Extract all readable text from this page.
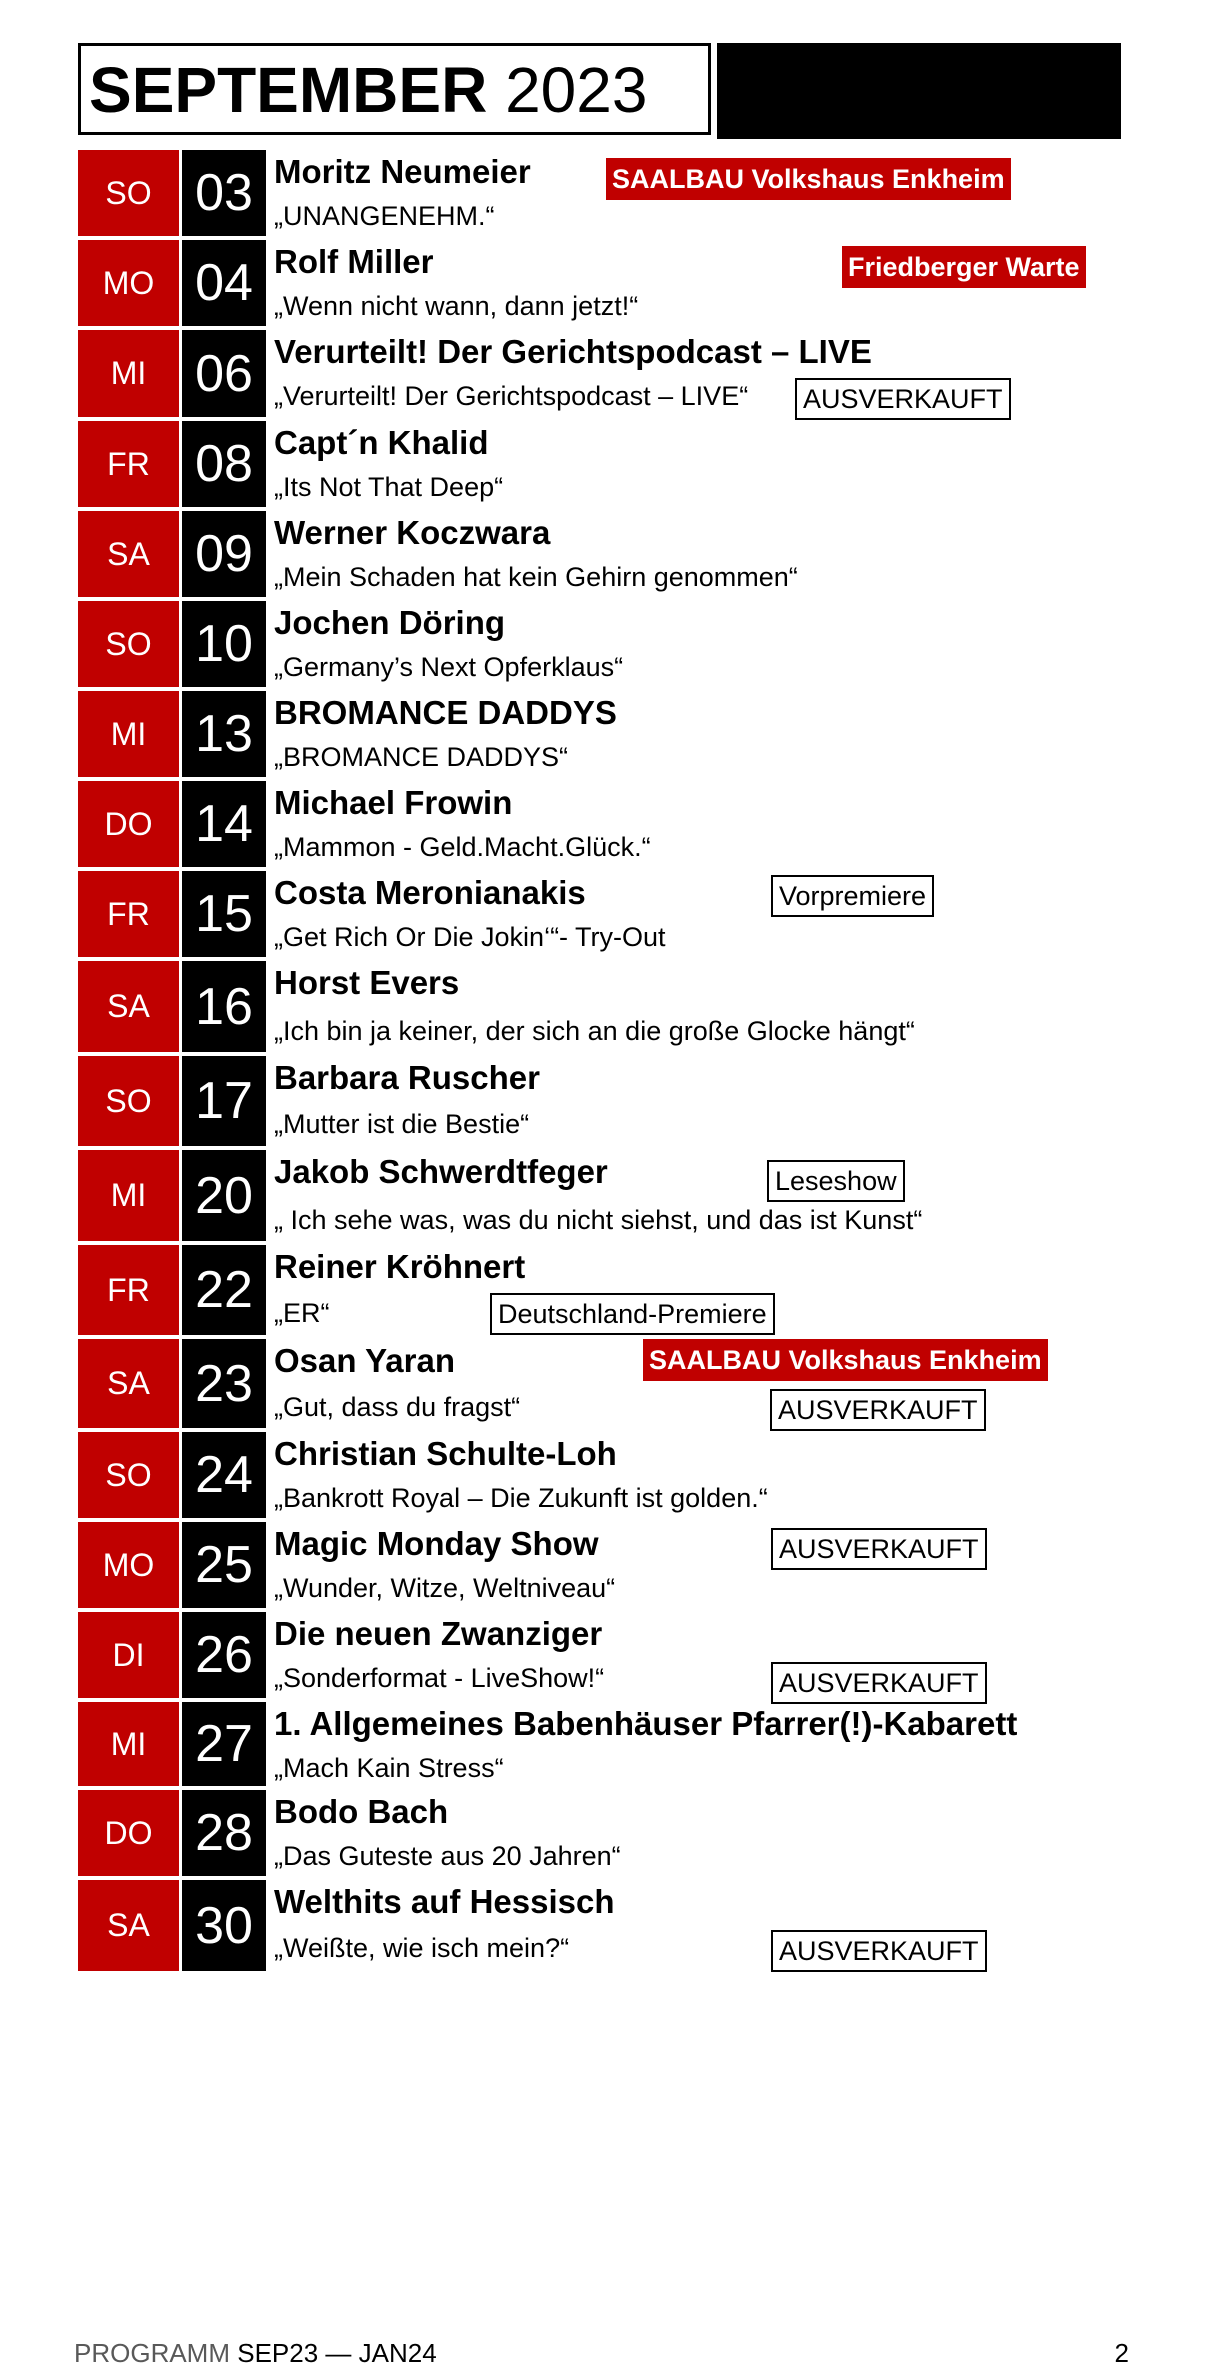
SEPTEMBER 2023
SO 03 Moritz Neumeier
„UNANGENEHM.“
SAALBAU Volkshaus Enkheim
MO 04 Rolf Miller
„Wenn nicht wann, dann jetzt!“
Friedberger Warte
MI 06 Verurteilt! Der Gerichtspodcast – LIVE
„Verurteilt! Der Gerichtspodcast – LIVE“ AUSVERKAUFT
FR 08 Capt´n Khalid
„Its Not That Deep“
SA 09 Werner Koczwara
„Mein Schaden hat kein Gehirn genommen“
SO 10 Jochen Döring
„Germany’s Next Opferklaus“
MI 13 BROMANCE DADDYS
„BROMANCE DADDYS“
DO 14 Michael Frowin
„Mammon - Geld.Macht.Glück.“
FR 15 Costa Meronianakis
„Get Rich Or Die Jokin‘“- Try-Out
Vorpremiere
SA 16 Horst Evers
„Ich bin ja keiner, der sich an die große Glocke hängt“
SO 17 Barbara Ruscher
„Mutter ist die Bestie“
MI 20 Jakob Schwerdtfeger
„ Ich sehe was, was du nicht siehst, und das ist Kunst“
Leseshow
FR 22 Reiner Kröhnert
„ER“	Deutschland-Premiere
SA 23 Osan Yaran
„Gut, dass du fragst“
SAALBAU Volkshaus Enkheim
AUSVERKAUFT
SO 24 Christian Schulte-Loh
„Bankrott Royal – Die Zukunft ist golden.“
MO 25 Magic Monday Show
„Wunder, Witze, Weltniveau“
AUSVERKAUFT
DI 26 Die neuen Zwanziger
„Sonderformat - LiveShow!“	AUSVERKAUFT
MI 27 1. Allgemeines Babenhäuser Pfarrer(!)-Kabarett
„Mach Kain Stress“
DO 28 Bodo Bach
„Das Guteste aus 20 Jahren“
SA 30 Welthits auf Hessisch
„Weißte, wie isch mein?“	AUSVERKAUFT
PROGRAMM SEP23 — JAN24	2
